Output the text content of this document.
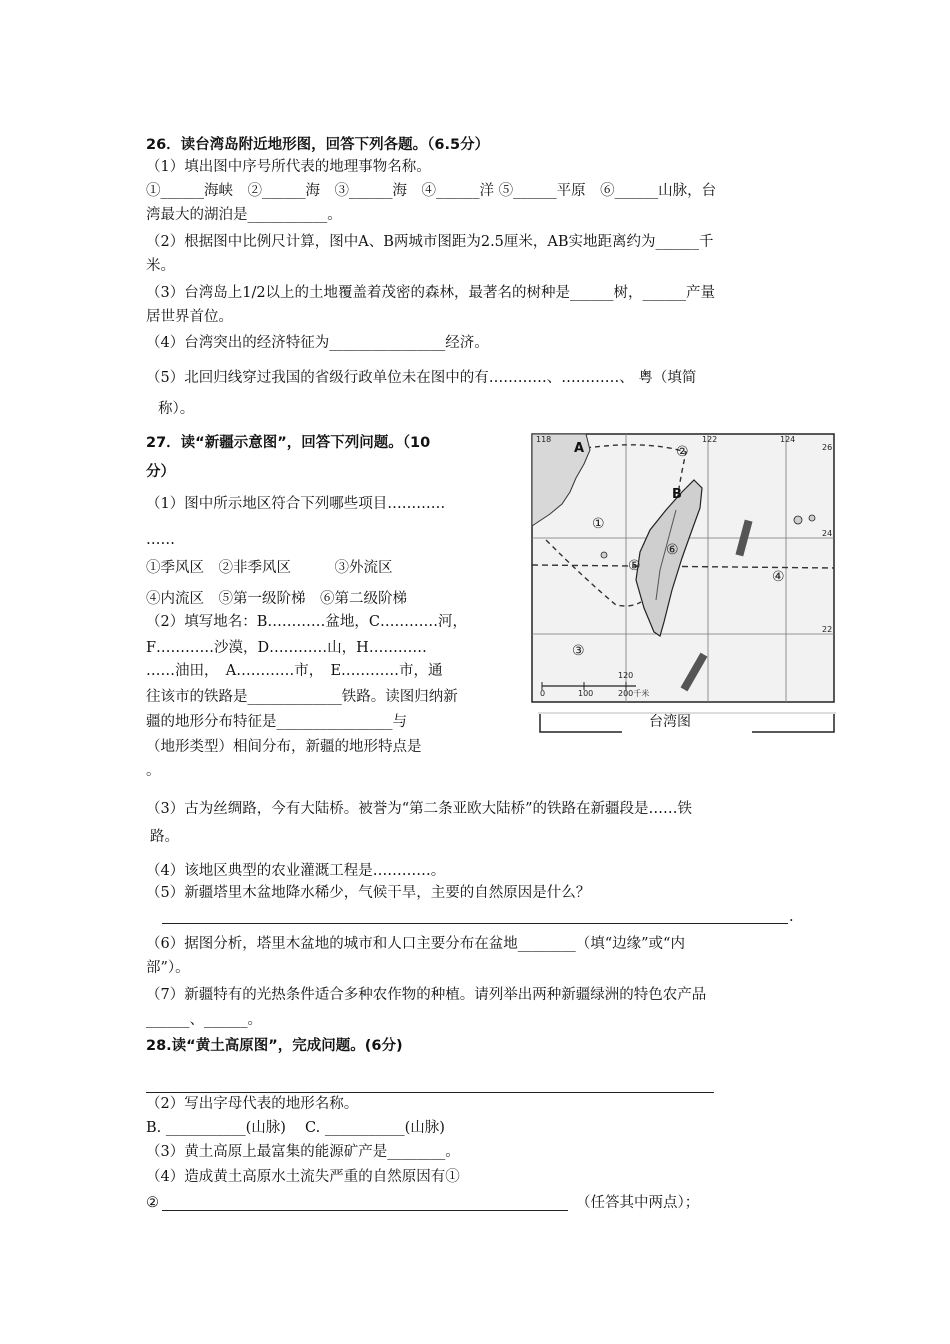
26．读台湾岛附近地形图，回答下列各题。（6.5分）
（1）填出图中序号所代表的地理事物名称。
①______海峡　②______海　③______海　④______洋 ⑤______平原　⑥______山脉，台
湾最大的湖泊是___________。
（2）根据图中比例尺计算，图中A、B两城市图距为2.5厘米，AB实地距离约为______千
米。
（3）台湾岛上1/2以上的土地覆盖着茂密的森林，最著名的树种是______树，______产量
居世界首位。
（4）台湾突出的经济特征为________________经济。
（5）北回归线穿过我国的省级行政单位未在图中的有…………、…………、 粤（填简
称）。
27．读“新疆示意图”，回答下列问题。（10
分）
（1）图中所示地区符合下列哪些项目…………
……
①季风区　②非季风区　　　③外流区
④内流区　⑤第一级阶梯　⑥第二级阶梯
（2）填写地名：B…………盆地，C…………河，
F…………沙漠，D…………山，H…………
……油田，　A…………市，　E…………市，通
往该市的铁路是_____________铁路。读图归纳新
疆的地形分布特征是________________与
（地形类型）相间分布，新疆的地形特点是
。
118
120
122	124
26
24
22
0	100	200千米
A
B
①
②
③
④
⑤
⑥
台湾图
（3）古为丝绸路，今有大陆桥。被誉为“第二条亚欧大陆桥”的铁路在新疆段是……铁
路。
（4）该地区典型的农业灌溉工程是…………。
（5）新疆塔里木盆地降水稀少，气候干旱，主要的自然原因是什么？
.
（6）据图分析，塔里木盆地的城市和人口主要分布在盆地________（填“边缘”或“内
部”）。
（7）新疆特有的光热条件适合多种农作物的种植。请列举出两种新疆绿洲的特色农产品
______、______。
28.读“黄土高原图”，完成问题。(6分)
（2）写出字母代表的地形名称。
B. ___________(山脉)　 C. ___________(山脉)
（3）黄土高原上最富集的能源矿产是________。
（4）造成黄土高原水土流失严重的自然原因有①
②	（任答其中两点）；
